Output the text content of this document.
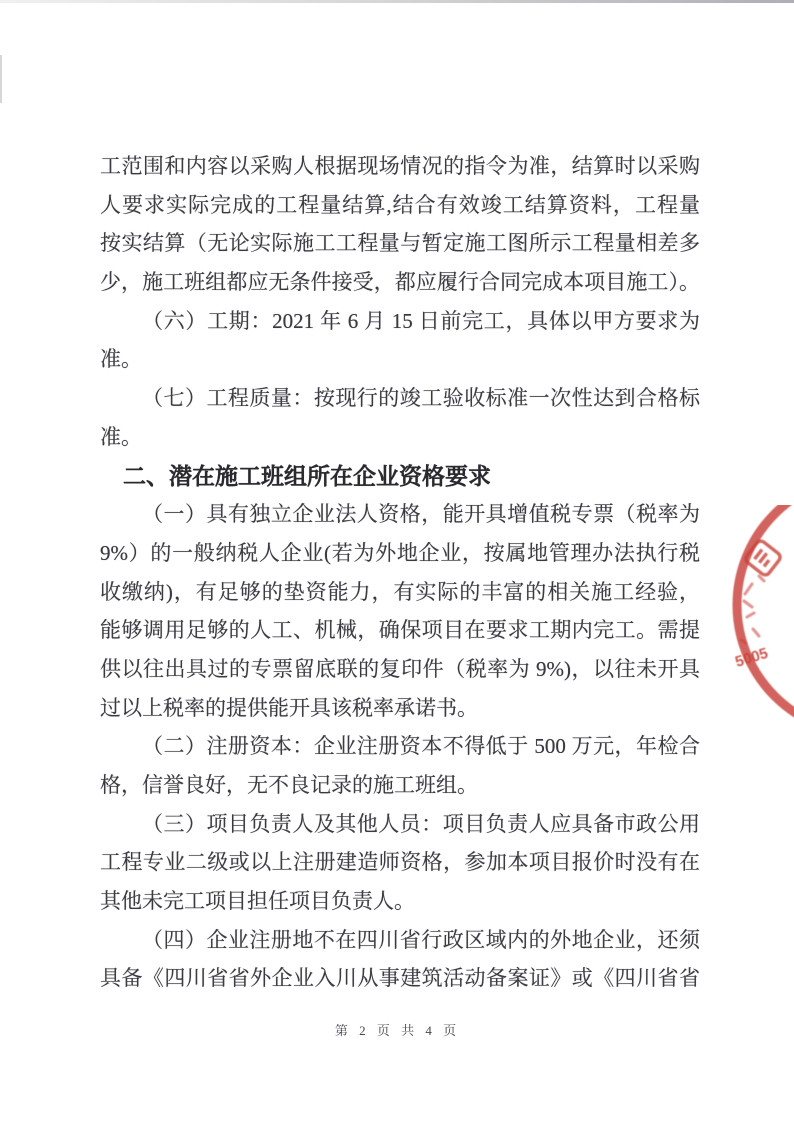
工范围和内容以采购人根据现场情况的指令为准，结算时以采购
人要求实际完成的工程量结算,结合有效竣工结算资料，工程量
按实结算（无论实际施工工程量与暂定施工图所示工程量相差多
少，施工班组都应无条件接受，都应履行合同完成本项目施工）。
（六）工期：2021 年 6 月 15 日前完工，具体以甲方要求为
准。
（七）工程质量：按现行的竣工验收标准一次性达到合格标
准。
二、潜在施工班组所在企业资格要求
（一）具有独立企业法人资格，能开具增值税专票（税率为
9%）的一般纳税人企业(若为外地企业，按属地管理办法执行税
收缴纳)，有足够的垫资能力，有实际的丰富的相关施工经验，
能够调用足够的人工、机械，确保项目在要求工期内完工。需提
供以往出具过的专票留底联的复印件（税率为 9%)，以往未开具
过以上税率的提供能开具该税率承诺书。
（二）注册资本：企业注册资本不得低于 500 万元，年检合
格，信誉良好，无不良记录的施工班组。
（三）项目负责人及其他人员：项目负责人应具备市政公用
工程专业二级或以上注册建造师资格，参加本项目报价时没有在
其他未完工项目担任项目负责人。
（四）企业注册地不在四川省行政区域内的外地企业，还须
具备《四川省省外企业入川从事建筑活动备案证》或《四川省省
5005
第 2 页 共 4 页
